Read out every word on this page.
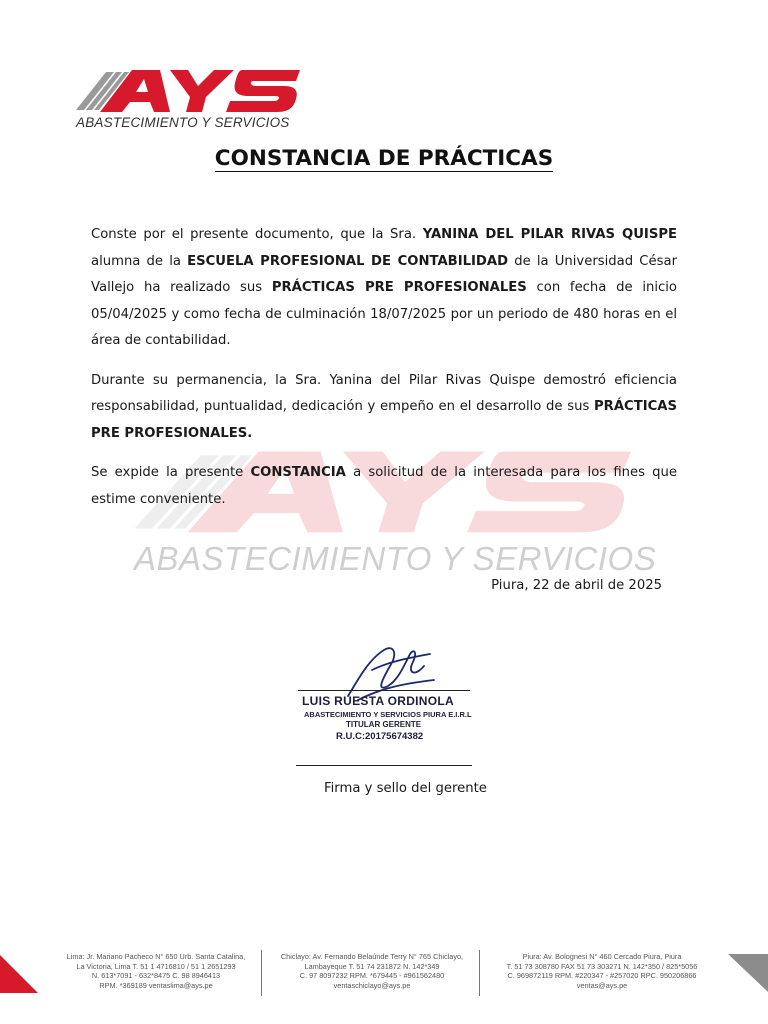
ABASTECIMIENTO Y SERVICIOS
ABASTECIMIENTO Y SERVICIOS
CONSTANCIA DE PRÁCTICAS

Conste por el presente documento, que la Sra. YANINA DEL PILAR RIVAS QUISPE alumna de la ESCUELA PROFESIONAL DE CONTABILIDAD de la Universidad César Vallejo ha realizado sus PRÁCTICAS PRE PROFESIONALES con fecha de inicio 05/04/2025 y como fecha de culminación 18/07/2025 por un periodo de 480 horas en el área de contabilidad.

Durante su permanencia, la Sra. Yanina del Pilar Rivas Quispe demostró eficiencia responsabilidad, puntualidad, dedicación y empeño en el desarrollo de sus PRÁCTICAS PRE PROFESIONALES.

Se expide la presente CONSTANCIA a solicitud de la interesada para los fines que estime conveniente.

Piura, 22 de abril de 2025
LUIS RUESTA ORDINOLA
ABASTECIMIENTO Y SERVICIOS PIURA E.I.R.L
TITULAR GERENTE
R.U.C:20175674382
Firma y sello del gerente
Lima: Jr. Mariano Pacheco N° 650 Urb. Santa Catalina,
La Victoria, Lima T. 51 1 4716810 / 51 1 2651293
N. 613*7091 - 632*8475 C. 98 8946413
RPM. *369189 ventaslima@ays.pe
Chiclayo: Av. Fernando Belaúnde Terry N° 765 Chiclayo,
Lambayeque T. 51 74 231872 N. 142*349
C. 97 8097232 RPM. *679445 - #961562480
ventaschiclayo@ays.pe
Piura: Av. Bolognesi N° 460 Cercado Piura, Piura
T. 51 73 308780 FAX 51 73 303271 N. 142*350 / 825*5056
C. 969872119 RPM. #220347 - #257020 RPC. 950206866
ventas@ays.pe
